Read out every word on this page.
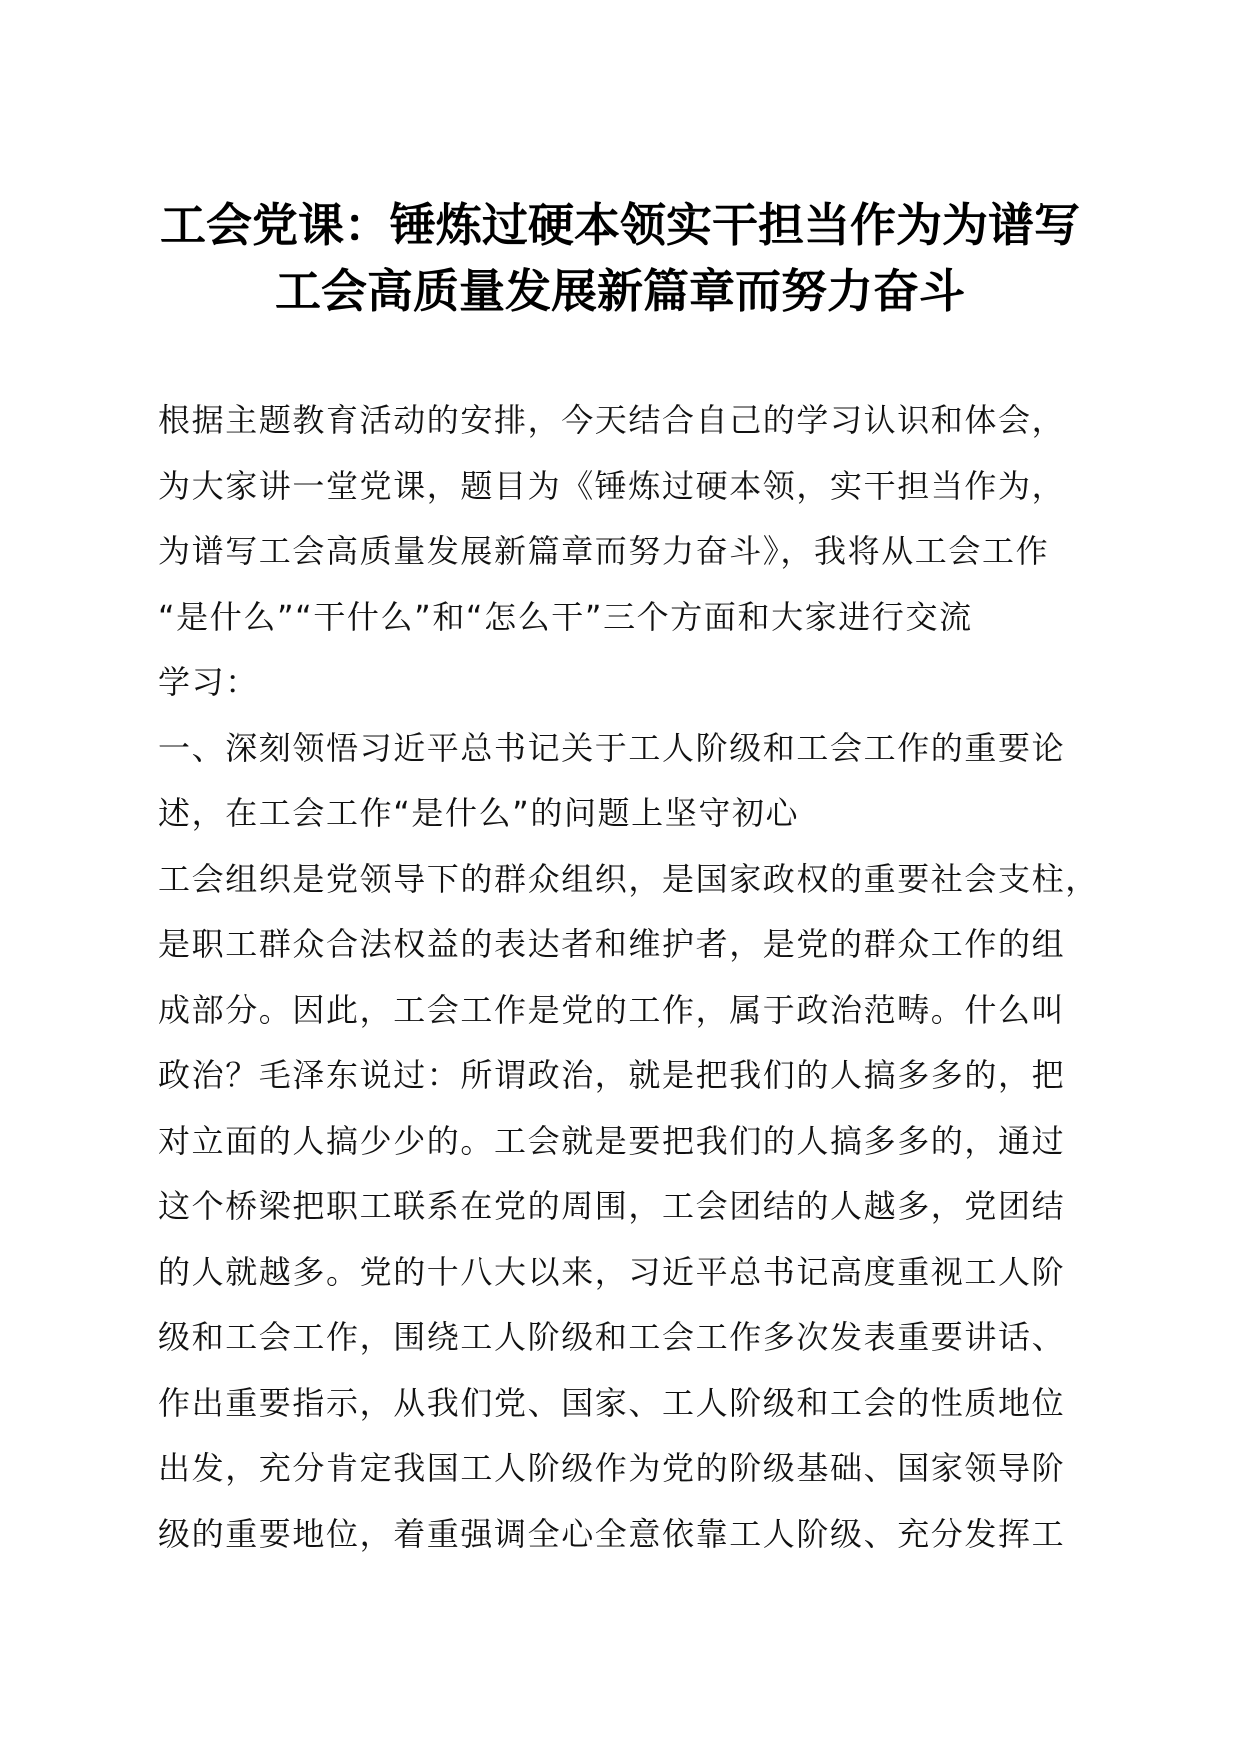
工会党课：锤炼过硬本领实干担当作为为谱写
工会高质量发展新篇章而努力奋斗
根据主题教育活动的安排，今天结合自己的学习认识和体会，
为大家讲一堂党课，题目为《锤炼过硬本领，实干担当作为，
为谱写工会高质量发展新篇章而努力奋斗》，我将从工会工作
“是什么”“干什么”和“怎么干”三个方面和大家进行交流
学习：
一、深刻领悟习近平总书记关于工人阶级和工会工作的重要论
述，在工会工作“是什么”的问题上坚守初心
工会组织是党领导下的群众组织，是国家政权的重要社会支柱，
是职工群众合法权益的表达者和维护者，是党的群众工作的组
成部分。因此，工会工作是党的工作，属于政治范畴。什么叫
政治？毛泽东说过：所谓政治，就是把我们的人搞多多的，把
对立面的人搞少少的。工会就是要把我们的人搞多多的，通过
这个桥梁把职工联系在党的周围，工会团结的人越多，党团结
的人就越多。党的十八大以来，习近平总书记高度重视工人阶
级和工会工作，围绕工人阶级和工会工作多次发表重要讲话、
作出重要指示，从我们党、国家、工人阶级和工会的性质地位
出发，充分肯定我国工人阶级作为党的阶级基础、国家领导阶
级的重要地位，着重强调全心全意依靠工人阶级、充分发挥工
